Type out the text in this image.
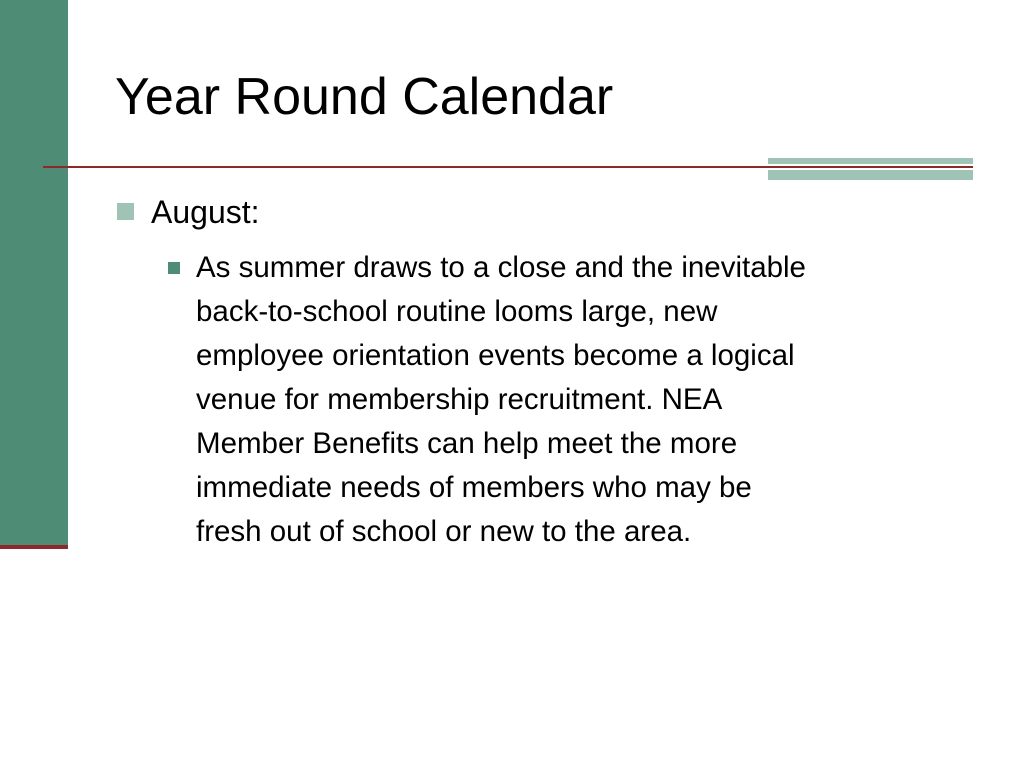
Year Round Calendar
August:
As summer draws to a close and the inevitable
back-to-school routine looms large, new
employee orientation events become a logical
venue for membership recruitment. NEA
Member Benefits can help meet the more
immediate needs of members who may be
fresh out of school or new to the area.
